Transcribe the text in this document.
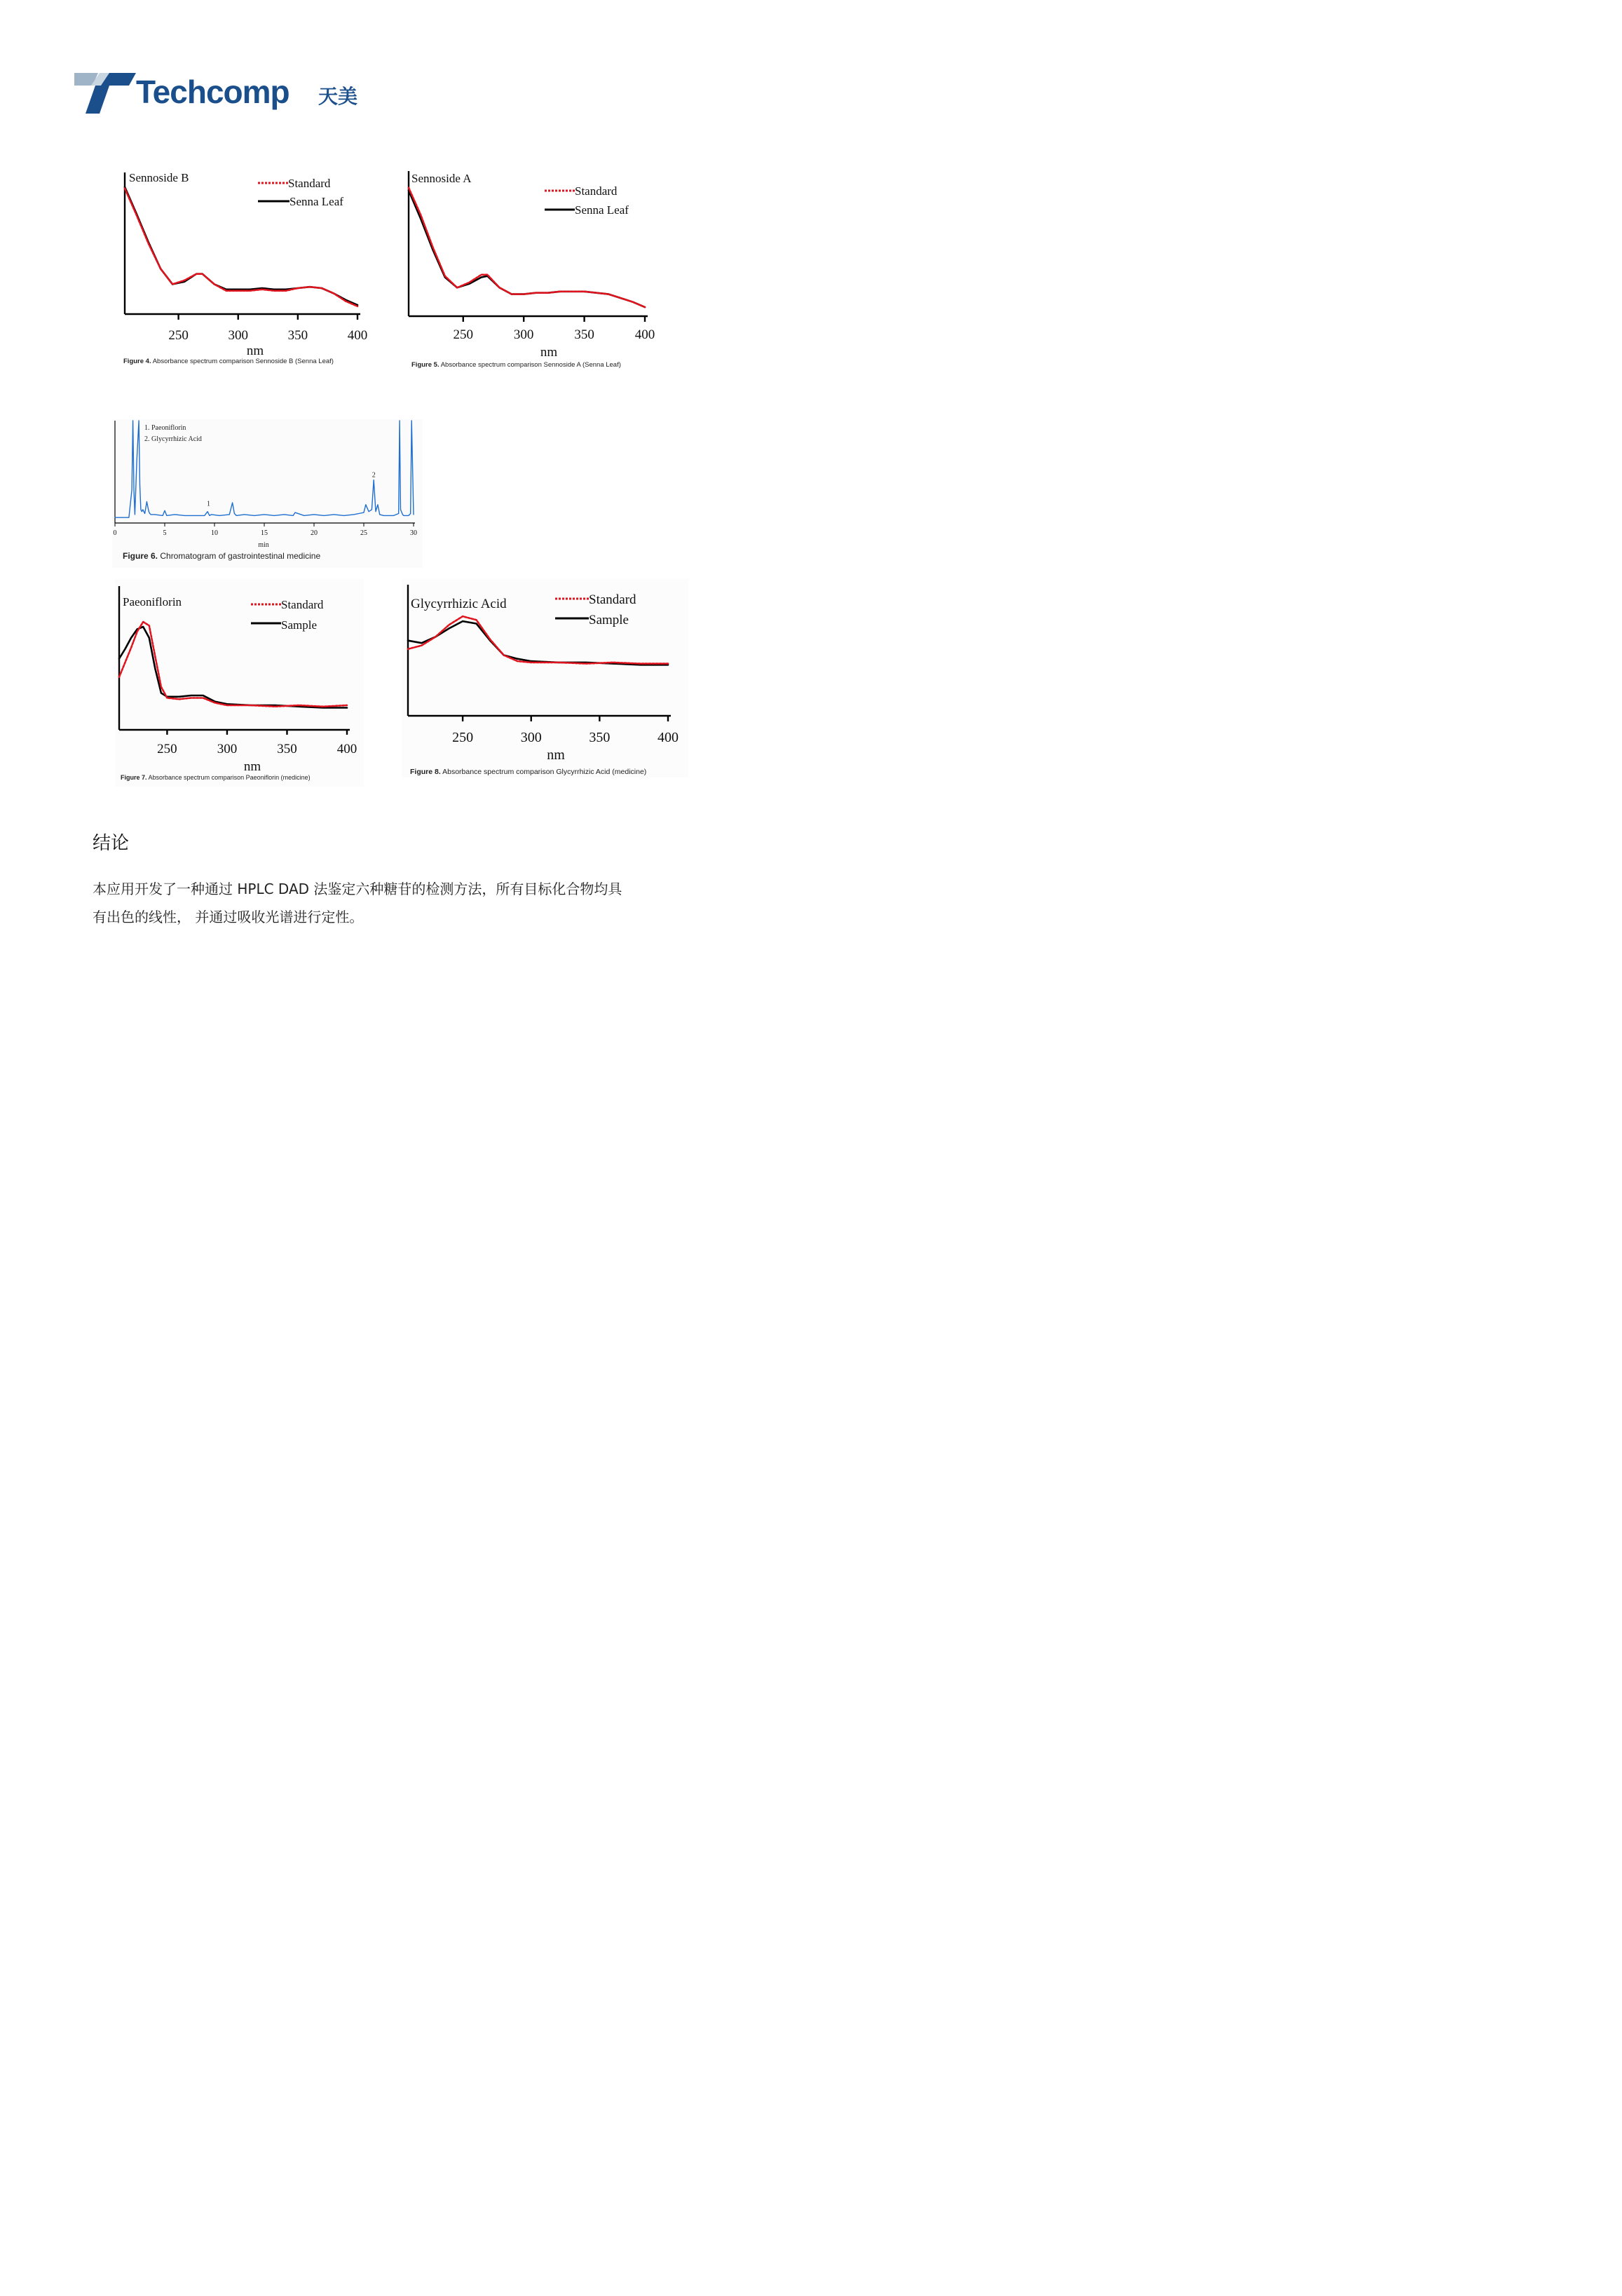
Techcomp 天美
250	300	350	400
Sennoside B	Standard
Senna Leaf
nm
Figure 4. Absorbance spectrum comparison Sennoside B (Senna Leaf)
250	300	350	400
Sennoside A
Standard
Senna Leaf
nm
Figure 5. Absorbance spectrum comparison Sennoside A (Senna Leaf)
0	5	10	15	20	25	30
1
2
1. Paeoniflorin
2. Glycyrrhizic Acid
min
Figure 6. Chromatogram of gastrointestinal medicine
250	300	350	400
Paeoniflorin	Standard
Sample
nm
Figure 7. Absorbance spectrum comparison Paeoniflorin (medicine)
250	300	350	400
Glycyrrhizic Acid	Standard
Sample
nm
Figure 8. Absorbance spectrum comparison Glycyrrhizic Acid (medicine)
结论
本应用开发了一种通过 HPLC DAD 法鉴定六种糖苷的检测方法，所有目标化合物均具
有出色的线性， 并通过吸收光谱进行定性。
